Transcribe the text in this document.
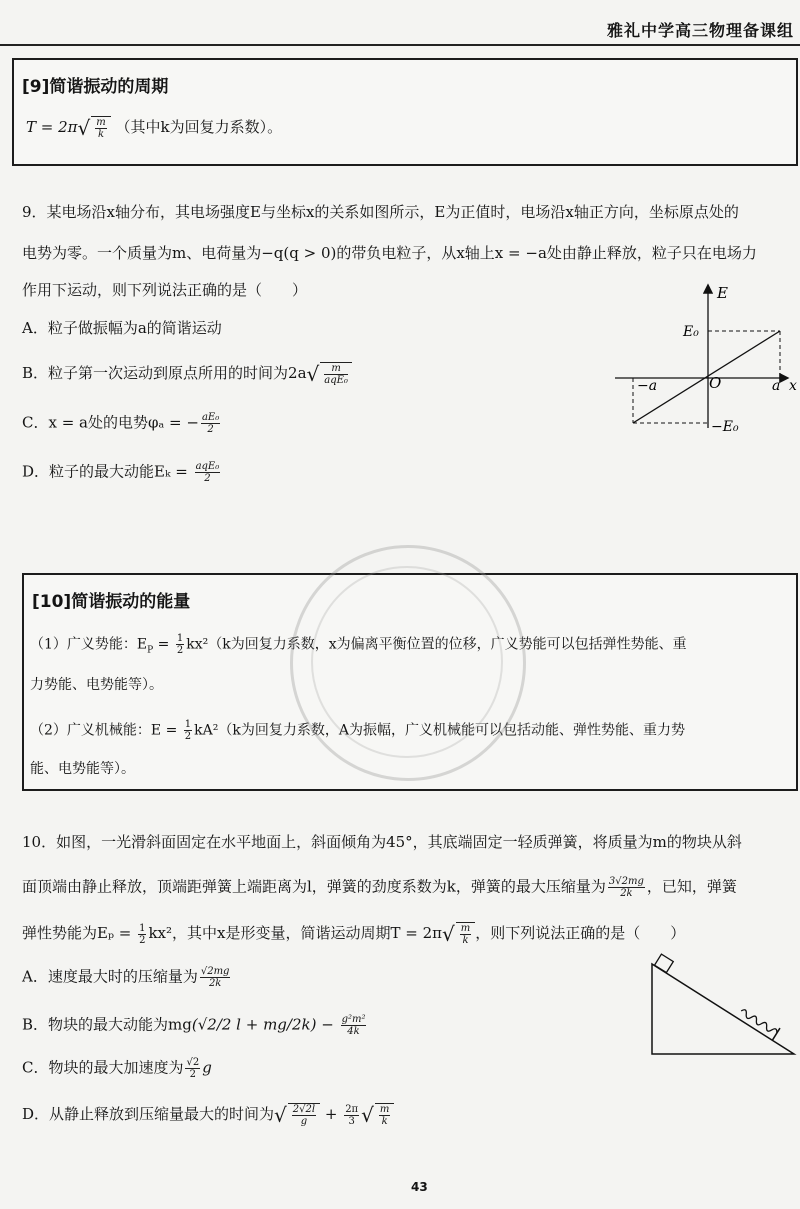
雅礼中学高三物理备课组
[9]简谐振动的周期
$T = 2\pi√ \frac{m}{k}$ （其中k为回复力系数）。
9．某电场沿x轴分布，其电场强度E与坐标x的关系如图所示，E为正值时，电场沿x轴正方向，坐标原点处的
电势为零。一个质量为m、电荷量为−q(q > 0)的带负电粒子，从x轴上x = −a处由静止释放，粒子只在电场力
作用下运动，则下列说法正确的是（　　）
A．粒子做振幅为a的简谐运动
B．粒子第一次运动到原点所用的时间为$2a√ \frac{m}{\text{aqE₀}}$
C．x = a处的电势φₐ = − $\frac{\text{aE₀}}{2}$
D．粒子的最大动能$E_k = \frac{\text{aqE₀}}{2}$
E
x
O
E₀
−E₀
a
−a
[10]简谐振动的能量
（1）广义势能：$E_P = \frac{1}{2} kx^2(k$为回复力系数，x为偏离平衡位置的位移，广义势能可以包括弹性势能、重
力势能、电势能等）。
（2）广义机械能：$E = \frac{1}{2} kA^2(k$为回复力系数，A为振幅，广义机械能可以包括动能、弹性势能、重力势
能、电势能等）。
10．如图，一光滑斜面固定在水平地面上，斜面倾角为45°，其底端固定一轻质弹簧，将质量为m的物块从斜
面顶端由静止释放，顶端距弹簧上端距离为l，弹簧的劲度系数为k，弹簧的最大压缩量为 $\frac{3√2mg}{2k}$ ，已知，弹簧
弹性势能为$E_p = \frac{1}{2} kx^2$，其中x是形变量，简谐运动周期$T = 2\pi√ \frac{m}{k}$ ，则下列说法正确的是（　　）
A．速度最大时的压缩量为 $\frac{√2mg}{2k}$
B．物块的最大动能为mg(√2/2 $l + mg/2k) - \frac{\text{g²m²}}{4k}$
C．物块的最大加速度为 $\frac{√2}{2}$ g
D．从静止释放到压缩量最大的时间为√ $\frac{2√2l}{g} + \frac{2\pi}{3}$ √ $\frac{m}{k}$
43
